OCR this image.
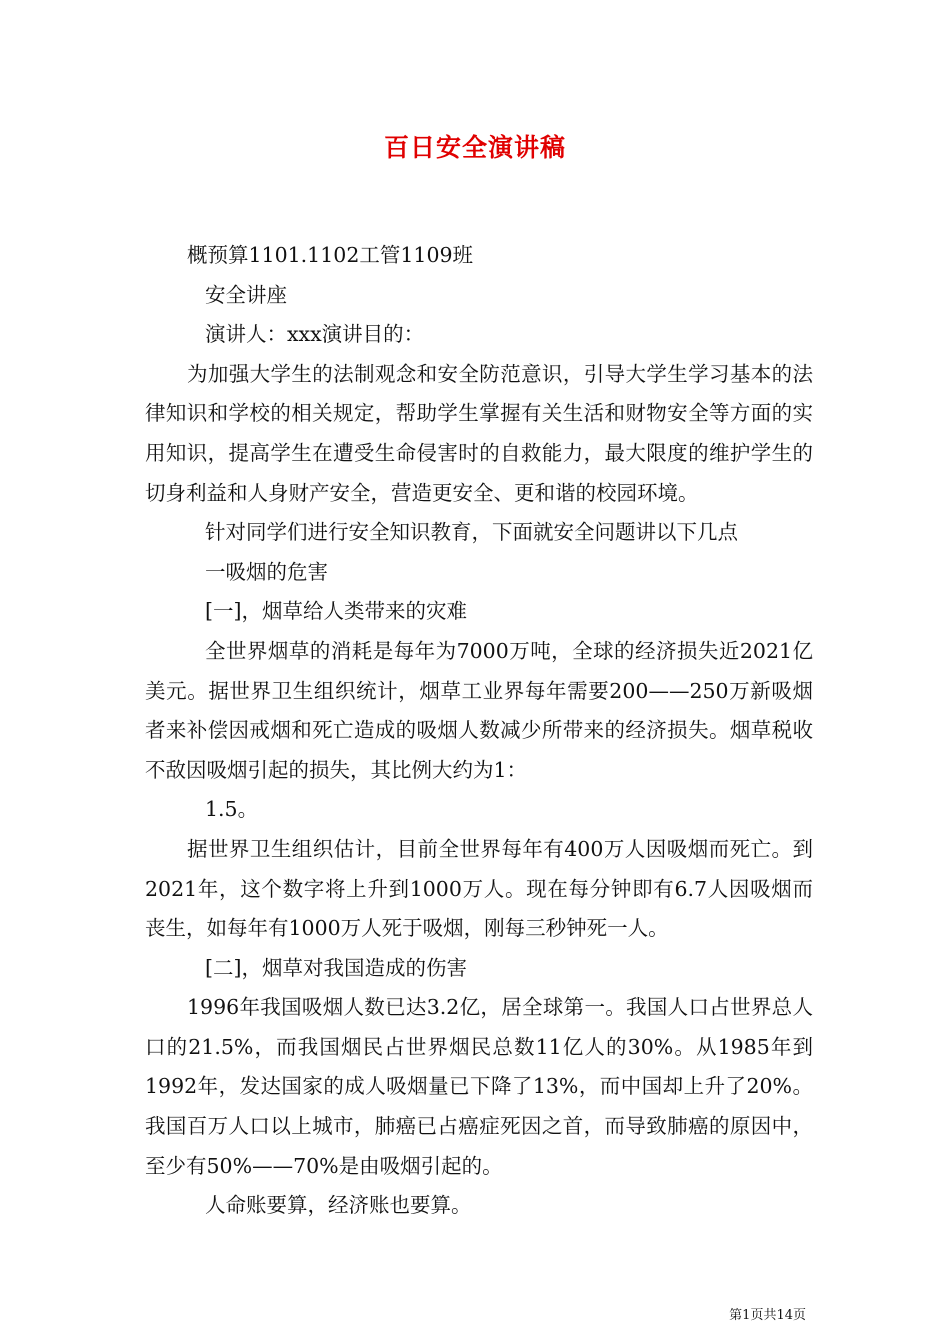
百日安全演讲稿

概预算1101.1102工管1109班

安全讲座

演讲人：xxx演讲目的：

为加强大学生的法制观念和安全防范意识，引导大学生学习基本的法律知识和学校的相关规定，帮助学生掌握有关生活和财物安全等方面的实用知识，提高学生在遭受生命侵害时的自救能力，最大限度的维护学生的切身利益和人身财产安全，营造更安全、更和谐的校园环境。

针对同学们进行安全知识教育，下面就安全问题讲以下几点

一吸烟的危害

[一]，烟草给人类带来的灾难

全世界烟草的消耗是每年为7000万吨，全球的经济损失近2021亿美元。据世界卫生组织统计，烟草工业界每年需要200——250万新吸烟者来补偿因戒烟和死亡造成的吸烟人数减少所带来的经济损失。烟草税收不敌因吸烟引起的损失，其比例大约为1：

1.5。

据世界卫生组织估计，目前全世界每年有400万人因吸烟而死亡。到2021年，这个数字将上升到1000万人。现在每分钟即有6.7人因吸烟而丧生，如每年有1000万人死于吸烟，刚每三秒钟死一人。

[二]，烟草对我国造成的伤害

1996年我国吸烟人数已达3.2亿，居全球第一。我国人口占世界总人口的21.5%，而我国烟民占世界烟民总数11亿人的30%。从1985年到1992年，发达国家的成人吸烟量已下降了13%，而中国却上升了20%。我国百万人口以上城市，肺癌已占癌症死因之首，而导致肺癌的原因中，至少有50%——70%是由吸烟引起的。

人命账要算，经济账也要算。

第1页共14页
